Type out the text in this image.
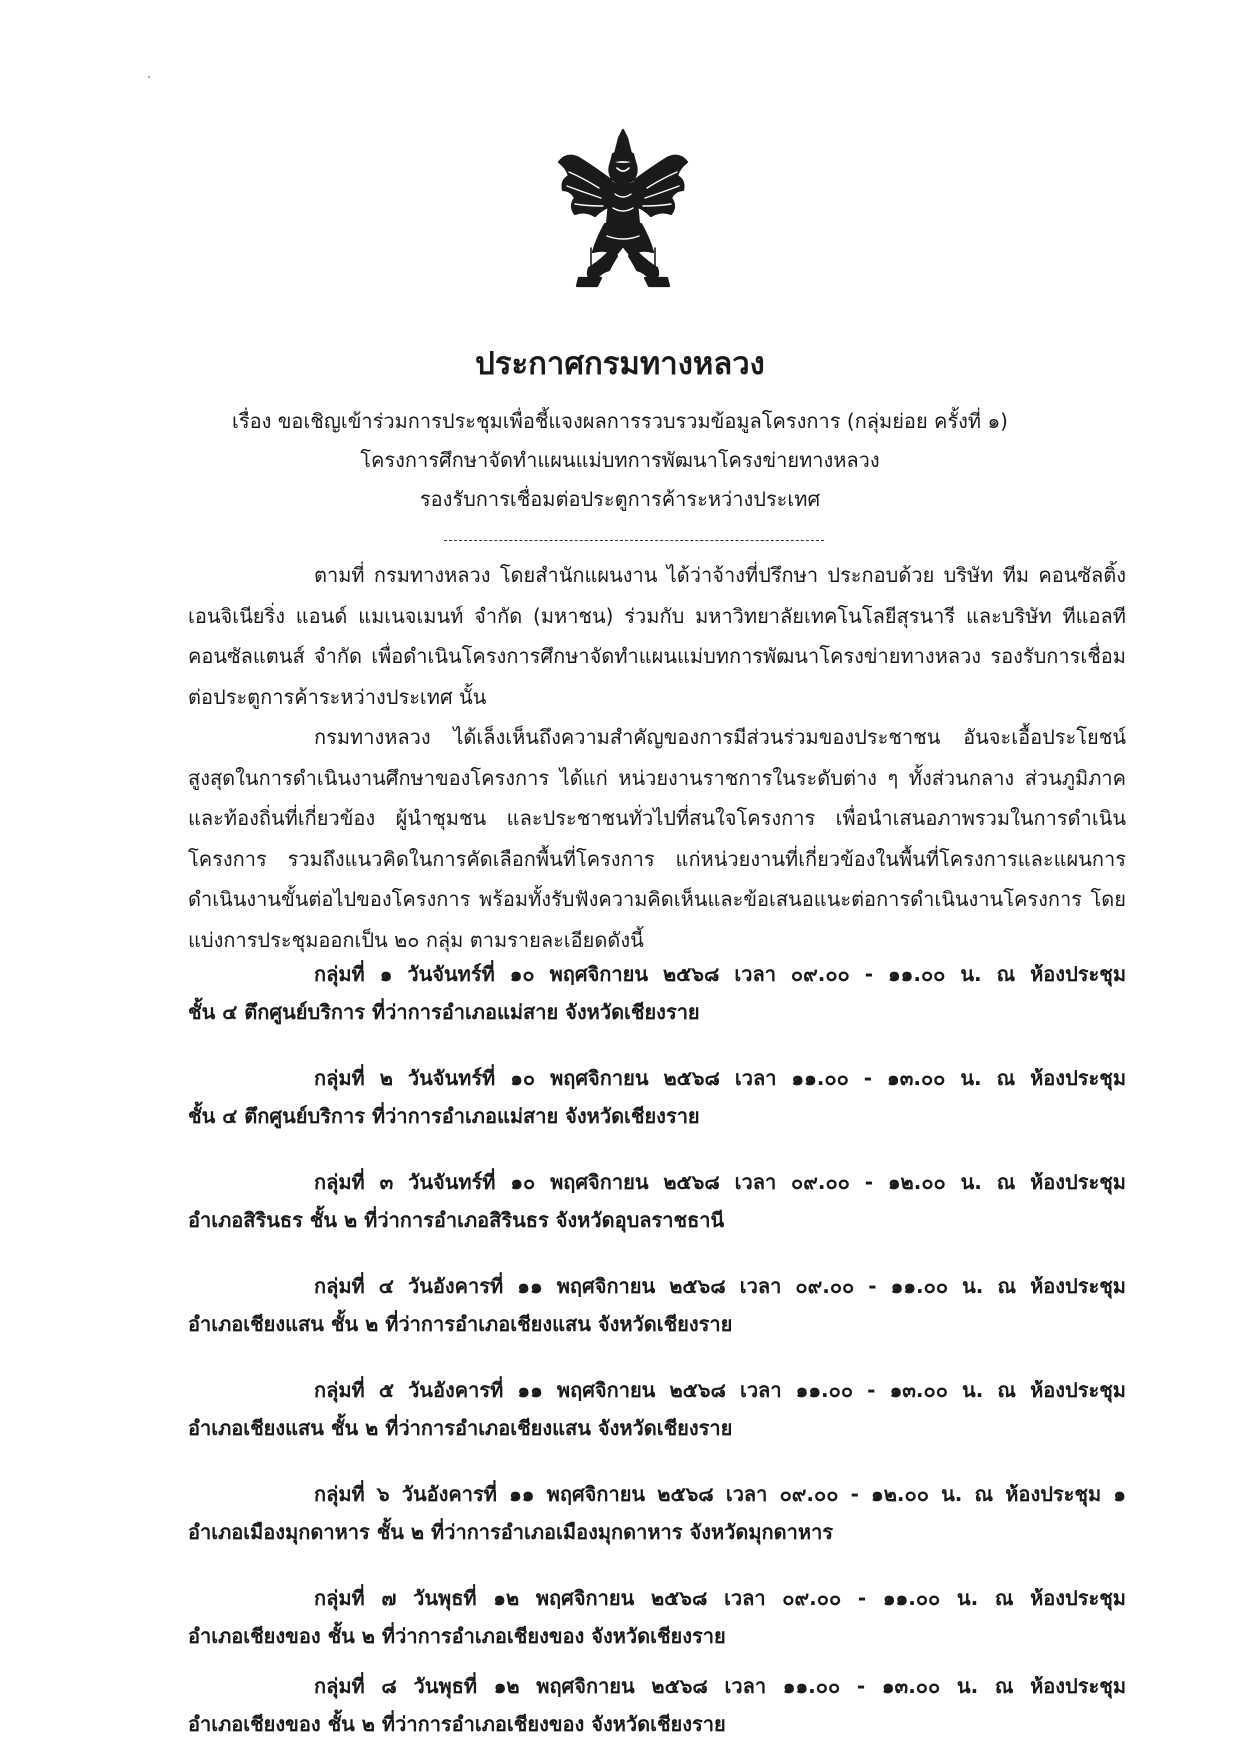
ประกาศกรมทางหลวง
เรื่อง ขอเชิญเข้าร่วมการประชุมเพื่อชี้แจงผลการรวบรวมข้อมูลโครงการ (กลุ่มย่อย ครั้งที่ ๑)
โครงการศึกษาจัดทำแผนแม่บทการพัฒนาโครงข่ายทางหลวง
รองรับการเชื่อมต่อประตูการค้าระหว่างประเทศ
ตามที่ กรมทางหลวง โดยสำนักแผนงาน ได้ว่าจ้างที่ปรึกษา ประกอบด้วย บริษัท ทีม คอนซัลติ้ง เอนจิเนียริ่ง แอนด์ แมเนจเมนท์ จำกัด (มหาชน) ร่วมกับ มหาวิทยาลัยเทคโนโลยีสุรนารี และบริษัท ทีแอลที คอนซัลแตนส์ จำกัด เพื่อดำเนินโครงการศึกษาจัดทำแผนแม่บทการพัฒนาโครงข่ายทางหลวง รองรับการเชื่อมต่อประตูการค้าระหว่างประเทศ นั้น
กรมทางหลวง ได้เล็งเห็นถึงความสำคัญของการมีส่วนร่วมของประชาชน อันจะเอื้อประโยชน์สูงสุดในการดำเนินงานศึกษาของโครงการ ได้แก่ หน่วยงานราชการในระดับต่าง ๆ ทั้งส่วนกลาง ส่วนภูมิภาค และท้องถิ่นที่เกี่ยวข้อง ผู้นำชุมชน และประชาชนทั่วไปที่สนใจโครงการ เพื่อนำเสนอภาพรวมในการดำเนินโครงการ รวมถึงแนวคิดในการคัดเลือกพื้นที่โครงการ แก่หน่วยงานที่เกี่ยวข้องในพื้นที่โครงการและแผนการดำเนินงานขั้นต่อไปของโครงการ พร้อมทั้งรับฟังความคิดเห็นและข้อเสนอแนะต่อการดำเนินงานโครงการ โดยแบ่งการประชุมออกเป็น ๒๐ กลุ่ม ตามรายละเอียดดังนี้
กลุ่มที่ ๑ วันจันทร์ที่ ๑๐ พฤศจิกายน ๒๕๖๘ เวลา ๐๙.๐๐ - ๑๑.๐๐ น. ณ ห้องประชุม
ชั้น ๔ ตึกศูนย์บริการ ที่ว่าการอำเภอแม่สาย จังหวัดเชียงราย
กลุ่มที่ ๒ วันจันทร์ที่ ๑๐ พฤศจิกายน ๒๕๖๘ เวลา ๑๑.๐๐ - ๑๓.๐๐ น. ณ ห้องประชุม
ชั้น ๔ ตึกศูนย์บริการ ที่ว่าการอำเภอแม่สาย จังหวัดเชียงราย
กลุ่มที่ ๓ วันจันทร์ที่ ๑๐ พฤศจิกายน ๒๕๖๘ เวลา ๐๙.๐๐ - ๑๒.๐๐ น. ณ ห้องประชุม
อำเภอสิรินธร ชั้น ๒ ที่ว่าการอำเภอสิรินธร จังหวัดอุบลราชธานี
กลุ่มที่ ๔ วันอังคารที่ ๑๑ พฤศจิกายน ๒๕๖๘ เวลา ๐๙.๐๐ - ๑๑.๐๐ น. ณ ห้องประชุม
อำเภอเชียงแสน ชั้น ๒ ที่ว่าการอำเภอเชียงแสน จังหวัดเชียงราย
กลุ่มที่ ๕ วันอังคารที่ ๑๑ พฤศจิกายน ๒๕๖๘ เวลา ๑๑.๐๐ - ๑๓.๐๐ น. ณ ห้องประชุม
อำเภอเชียงแสน ชั้น ๒ ที่ว่าการอำเภอเชียงแสน จังหวัดเชียงราย
กลุ่มที่ ๖ วันอังคารที่ ๑๑ พฤศจิกายน ๒๕๖๘ เวลา ๐๙.๐๐ - ๑๒.๐๐ น. ณ ห้องประชุม ๑
อำเภอเมืองมุกดาหาร ชั้น ๒ ที่ว่าการอำเภอเมืองมุกดาหาร จังหวัดมุกดาหาร
กลุ่มที่ ๗ วันพุธที่ ๑๒ พฤศจิกายน ๒๕๖๘ เวลา ๐๙.๐๐ - ๑๑.๐๐ น. ณ ห้องประชุม
อำเภอเชียงของ ชั้น ๒ ที่ว่าการอำเภอเชียงของ จังหวัดเชียงราย
กลุ่มที่ ๘ วันพุธที่ ๑๒ พฤศจิกายน ๒๕๖๘ เวลา ๑๑.๐๐ - ๑๓.๐๐ น. ณ ห้องประชุม
อำเภอเชียงของ ชั้น ๒ ที่ว่าการอำเภอเชียงของ จังหวัดเชียงราย
